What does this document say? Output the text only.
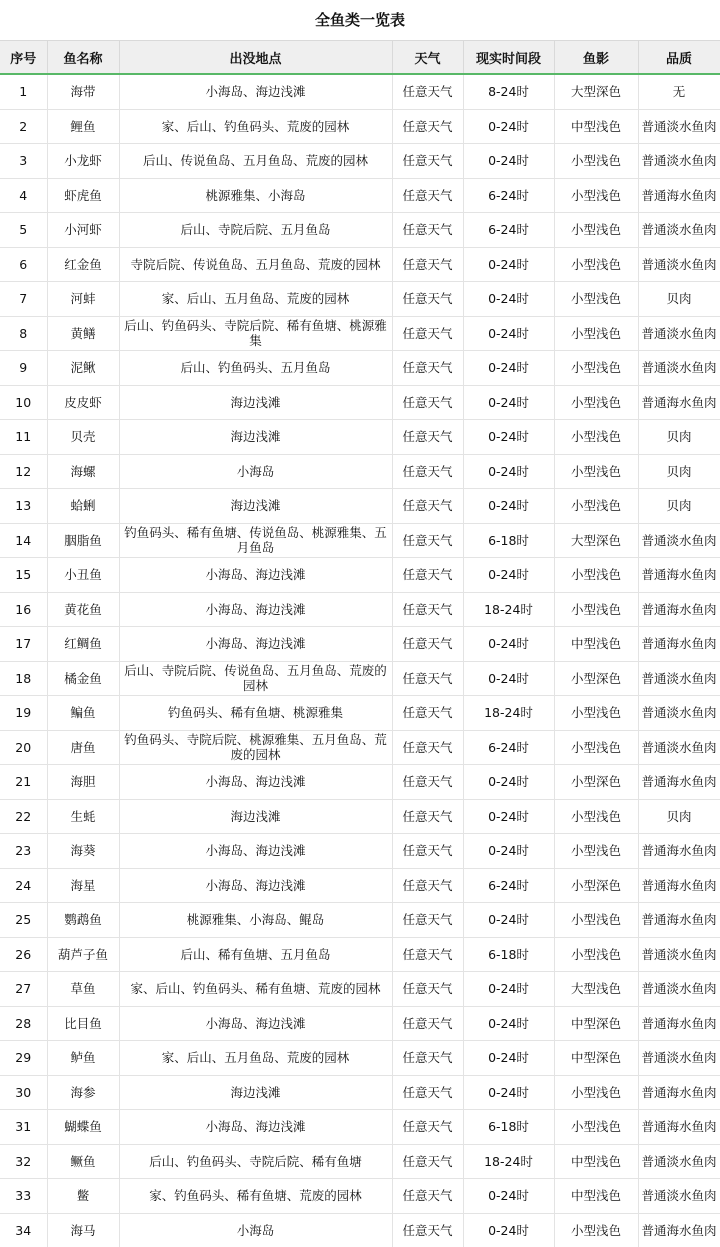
全鱼类一览表
序号	鱼名称	出没地点	天气	现实时间段	鱼影	品质
1	海带	小海岛、海边浅滩	任意天气	8-24时	大型深色	无
2	鲤鱼	家、后山、钓鱼码头、荒废的园林	任意天气	0-24时	中型浅色	普通淡水鱼肉
3	小龙虾	后山、传说鱼岛、五月鱼岛、荒废的园林	任意天气	0-24时	小型浅色	普通淡水鱼肉
4	虾虎鱼	桃源雅集、小海岛	任意天气	6-24时	小型浅色	普通海水鱼肉
5	小河虾	后山、寺院后院、五月鱼岛	任意天气	6-24时	小型浅色	普通淡水鱼肉
6	红金鱼	寺院后院、传说鱼岛、五月鱼岛、荒废的园林	任意天气	0-24时	小型浅色	普通淡水鱼肉
7	河蚌	家、后山、五月鱼岛、荒废的园林	任意天气	0-24时	小型浅色	贝肉
8	黄鳝	后山、钓鱼码头、寺院后院、稀有鱼塘、桃源雅集	任意天气	0-24时	小型浅色	普通淡水鱼肉
9	泥鳅	后山、钓鱼码头、五月鱼岛	任意天气	0-24时	小型浅色	普通淡水鱼肉
10	皮皮虾	海边浅滩	任意天气	0-24时	小型浅色	普通海水鱼肉
11	贝壳	海边浅滩	任意天气	0-24时	小型浅色	贝肉
12	海螺	小海岛	任意天气	0-24时	小型浅色	贝肉
13	蛤蜊	海边浅滩	任意天气	0-24时	小型浅色	贝肉
14	胭脂鱼	钓鱼码头、稀有鱼塘、传说鱼岛、桃源雅集、五月鱼岛	任意天气	6-18时	大型深色	普通淡水鱼肉
15	小丑鱼	小海岛、海边浅滩	任意天气	0-24时	小型浅色	普通海水鱼肉
16	黄花鱼	小海岛、海边浅滩	任意天气	18-24时	小型浅色	普通海水鱼肉
17	红鲷鱼	小海岛、海边浅滩	任意天气	0-24时	中型浅色	普通海水鱼肉
18	橘金鱼	后山、寺院后院、传说鱼岛、五月鱼岛、荒废的园林	任意天气	0-24时	小型深色	普通淡水鱼肉
19	鳊鱼	钓鱼码头、稀有鱼塘、桃源雅集	任意天气	18-24时	小型浅色	普通淡水鱼肉
20	唐鱼	钓鱼码头、寺院后院、桃源雅集、五月鱼岛、荒废的园林	任意天气	6-24时	小型浅色	普通淡水鱼肉
21	海胆	小海岛、海边浅滩	任意天气	0-24时	小型深色	普通海水鱼肉
22	生蚝	海边浅滩	任意天气	0-24时	小型浅色	贝肉
23	海葵	小海岛、海边浅滩	任意天气	0-24时	小型浅色	普通海水鱼肉
24	海星	小海岛、海边浅滩	任意天气	6-24时	小型深色	普通海水鱼肉
25	鹦鹉鱼	桃源雅集、小海岛、鲲岛	任意天气	0-24时	小型浅色	普通海水鱼肉
26	葫芦子鱼	后山、稀有鱼塘、五月鱼岛	任意天气	6-18时	小型浅色	普通淡水鱼肉
27	草鱼	家、后山、钓鱼码头、稀有鱼塘、荒废的园林	任意天气	0-24时	大型浅色	普通淡水鱼肉
28	比目鱼	小海岛、海边浅滩	任意天气	0-24时	中型深色	普通海水鱼肉
29	鲈鱼	家、后山、五月鱼岛、荒废的园林	任意天气	0-24时	中型深色	普通淡水鱼肉
30	海参	海边浅滩	任意天气	0-24时	小型浅色	普通海水鱼肉
31	蝴蝶鱼	小海岛、海边浅滩	任意天气	6-18时	小型浅色	普通海水鱼肉
32	鳜鱼	后山、钓鱼码头、寺院后院、稀有鱼塘	任意天气	18-24时	中型浅色	普通淡水鱼肉
33	鳖	家、钓鱼码头、稀有鱼塘、荒废的园林	任意天气	0-24时	中型浅色	普通淡水鱼肉
34	海马	小海岛	任意天气	0-24时	小型浅色	普通海水鱼肉
